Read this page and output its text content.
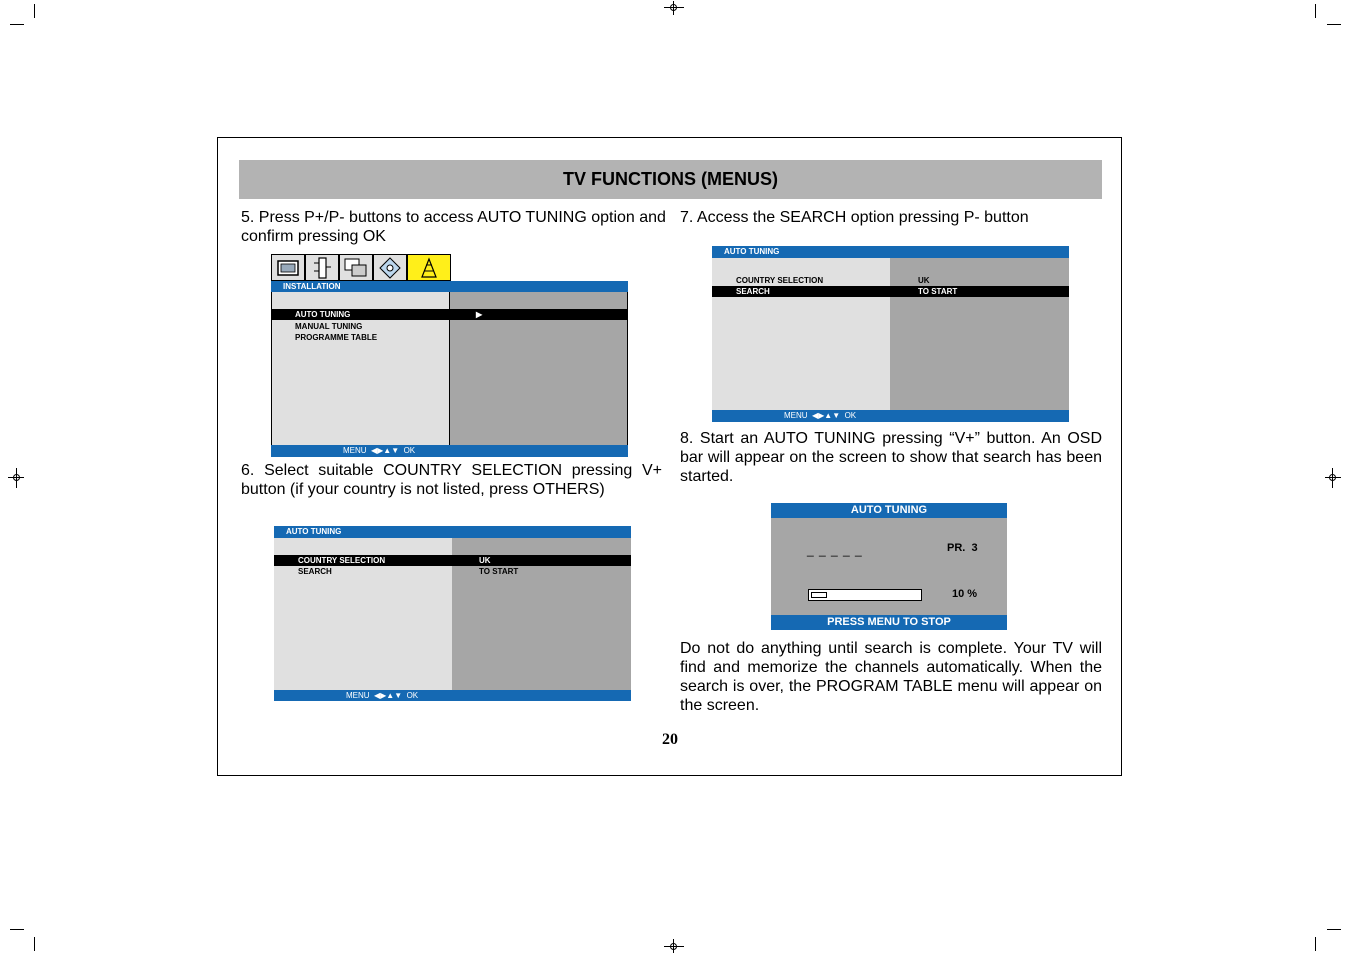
TV FUNCTIONS (MENUS)
5. Press P+/P- buttons to access AUTO TUNING option and confirm pressing OK
INSTALLATION
AUTO TUNING	▶
MANUAL TUNING
PROGRAMME TABLE
MENU  ◀▶▲▼  OK
6. Select suitable COUNTRY SELECTION pressing V+ button (if your country is not listed, press OTHERS)
AUTO TUNING
COUNTRY SELECTION	UK
SEARCH	TO START
MENU  ◀▶▲▼  OK
7. Access the SEARCH option pressing P- button
AUTO TUNING
COUNTRY SELECTION	UK
SEARCH	TO START
MENU  ◀▶▲▼  OK
8. Start an AUTO TUNING pressing “V+” button. An OSD bar will appear on the screen to show that search has been started.
AUTO TUNING
_ _ _ _ _	PR.  3
10 %
PRESS MENU TO STOP
Do not do anything until search is complete. Your TV will find and memorize the channels automatically. When the search is over, the PROGRAM TABLE menu will appear on the screen.
20
